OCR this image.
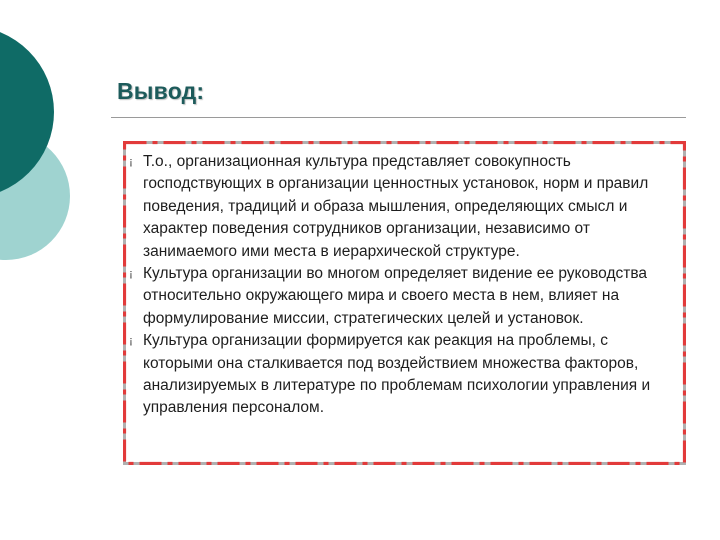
Вывод:
¡ Т.о., организационная культура представляет совокупность господствующих в организации ценностных установок, норм и правил поведения, традиций и образа мышления, определяющих смысл и характер поведения сотрудников организации, независимо от занимаемого ими места в иерархической структуре.
¡ Культура организации во многом определяет видение ее руководства относительно окружающего мира и своего места в нем, влияет на формулирование миссии, стратегических целей и установок.
¡ Культура организации формируется как реакция на проблемы, с которыми она сталкивается под воздействием множества факторов, анализируемых в литературе по проблемам психологии управления и управления персоналом.
